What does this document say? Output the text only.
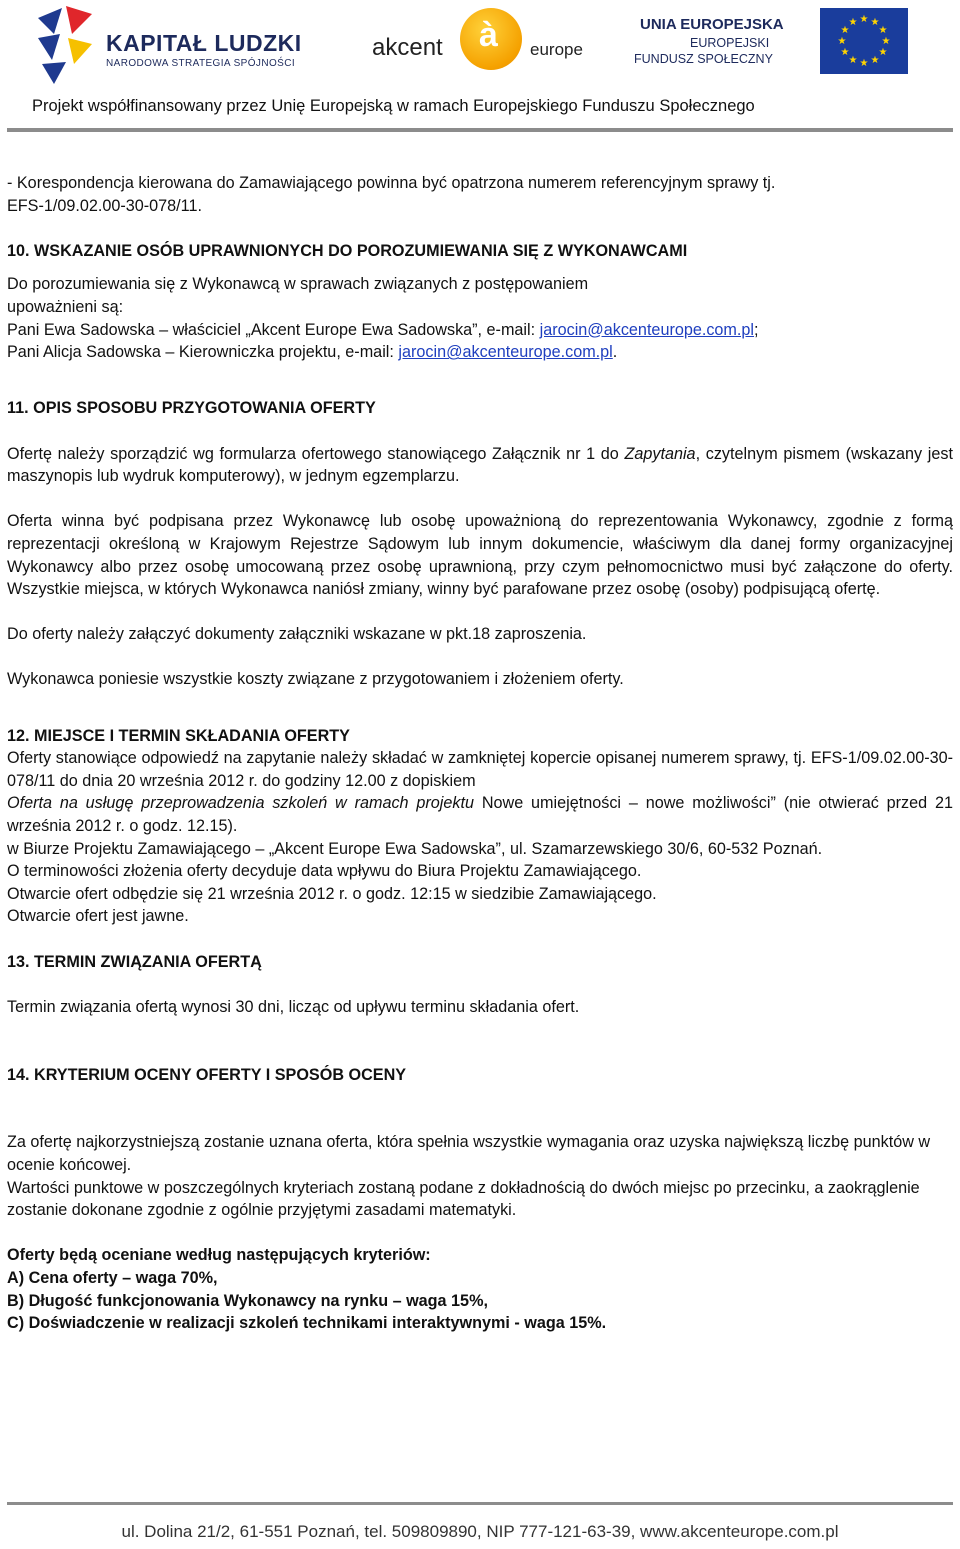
KAPITAŁ LUDZKI
NARODOWA STRATEGIA SPÓJNOŚCI
akcent à europe
UNIA EUROPEJSKA
EUROPEJSKI
FUNDUSZ SPOŁECZNY
★ ★
★
★
★
★
★
★
★
★
★
★
Projekt współfinansowany przez Unię Europejską w ramach Europejskiego Funduszu Społecznego

- Korespondencja kierowana do Zamawiającego powinna być opatrzona numerem referencyjnym sprawy tj.

EFS-1/09.02.00-30-078/11.

10. WSKAZANIE OSÓB UPRAWNIONYCH DO POROZUMIEWANIA SIĘ Z WYKONAWCAMI

Do porozumiewania się z Wykonawcą w sprawach związanych z postępowaniem

upoważnieni są:

Pani Ewa Sadowska – właściciel „Akcent Europe Ewa Sadowska”, e-mail: jarocin@akcenteurope.com.pl;

Pani Alicja Sadowska – Kierowniczka projektu, e-mail: jarocin@akcenteurope.com.pl.

11. OPIS SPOSOBU PRZYGOTOWANIA OFERTY

Ofertę należy sporządzić wg formularza ofertowego stanowiącego Załącznik nr 1 do Zapytania, czytelnym pismem (wskazany jest maszynopis lub wydruk komputerowy), w jednym egzemplarzu.

Oferta winna być podpisana przez Wykonawcę lub osobę upoważnioną do reprezentowania Wykonawcy, zgodnie z formą reprezentacji określoną w Krajowym Rejestrze Sądowym lub innym dokumencie, właściwym dla danej formy organizacyjnej Wykonawcy albo przez osobę umocowaną przez osobę uprawnioną, przy czym pełnomocnictwo musi być załączone do oferty. Wszystkie miejsca, w których Wykonawca naniósł zmiany, winny być parafowane przez osobę (osoby) podpisującą ofertę.

Do oferty należy załączyć dokumenty załączniki wskazane w pkt.18 zaproszenia.

Wykonawca poniesie wszystkie koszty związane z przygotowaniem i złożeniem oferty.

12. MIEJSCE I TERMIN SKŁADANIA OFERTY

Oferty stanowiące odpowiedź na zapytanie należy składać w zamkniętej kopercie opisanej numerem sprawy, tj. EFS-1/09.02.00-30-078/11 do dnia 20 września 2012 r. do godziny 12.00 z dopiskiem

Oferta na usługę przeprowadzenia szkoleń w ramach projektu Nowe umiejętności – nowe możliwości” (nie otwierać przed 21 września 2012 r. o godz. 12.15).

w Biurze Projektu Zamawiającego – „Akcent Europe Ewa Sadowska”, ul. Szamarzewskiego 30/6, 60-532 Poznań.

O terminowości złożenia oferty decyduje data wpływu do Biura Projektu Zamawiającego.

Otwarcie ofert odbędzie się 21 września 2012 r. o godz. 12:15 w siedzibie Zamawiającego.

Otwarcie ofert jest jawne.

13. TERMIN ZWIĄZANIA OFERTĄ

Termin związania ofertą wynosi 30 dni, licząc od upływu terminu składania ofert.

14. KRYTERIUM OCENY OFERTY I SPOSÓB OCENY

Za ofertę najkorzystniejszą zostanie uznana oferta, która spełnia wszystkie wymagania oraz uzyska największą liczbę punktów w ocenie końcowej.

Wartości punktowe w poszczególnych kryteriach zostaną podane z dokładnością do dwóch miejsc po przecinku, a zaokrąglenie zostanie dokonane zgodnie z ogólnie przyjętymi zasadami matematyki.

Oferty będą oceniane według następujących kryteriów:

A) Cena oferty – waga 70%,

B) Długość funkcjonowania Wykonawcy na rynku – waga 15%,

C) Doświadczenie w realizacji szkoleń technikami interaktywnymi - waga 15%.

ul. Dolina 21/2, 61-551 Poznań, tel. 509809890, NIP 777-121-63-39, www.akcenteurope.com.pl
